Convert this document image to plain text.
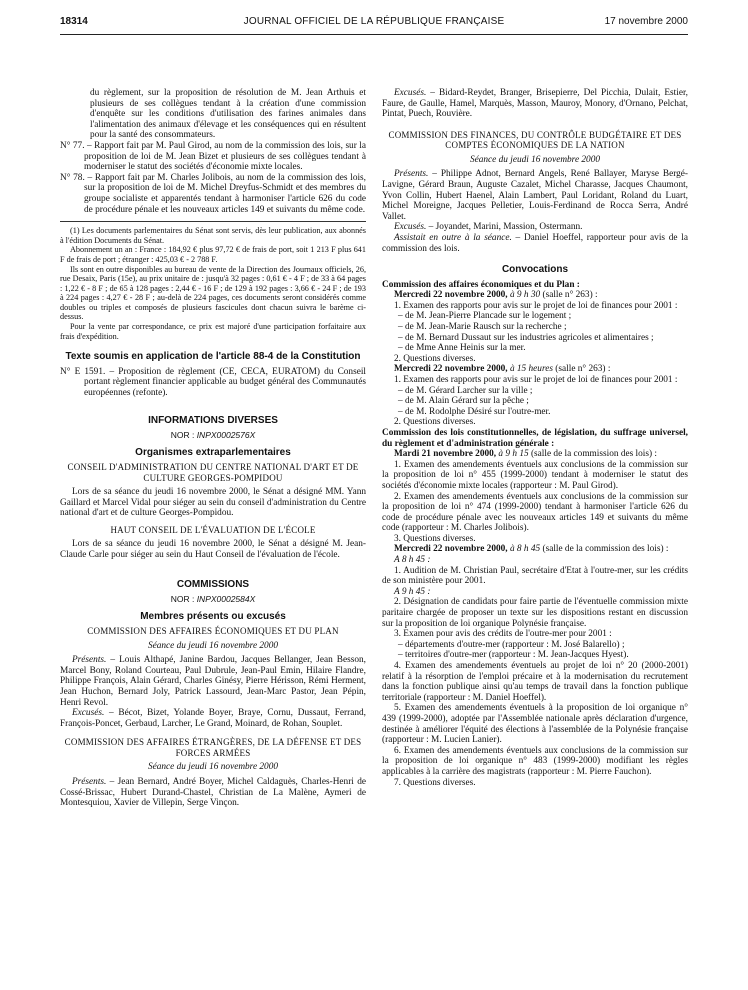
18314	JOURNAL OFFICIEL DE LA RÉPUBLIQUE FRANÇAISE	17 novembre 2000

du règlement, sur la proposition de résolution de M. Jean Arthuis et plusieurs de ses collègues tendant à la création d'une commission d'enquête sur les conditions d'utilisation des farines animales dans l'alimentation des animaux d'élevage et les conséquences qui en résultent pour la santé des consommateurs.

N° 77. – Rapport fait par M. Paul Girod, au nom de la commission des lois, sur la proposition de loi de M. Jean Bizet et plusieurs de ses collègues tendant à moderniser le statut des sociétés d'économie mixte locales.

N° 78. – Rapport fait par M. Charles Jolibois, au nom de la commission des lois, sur la proposition de loi de M. Michel Dreyfus-Schmidt et des membres du groupe socialiste et apparentés tendant à harmoniser l'article 626 du code de procédure pénale et les nouveaux articles 149 et suivants du même code.

(1) Les documents parlementaires du Sénat sont servis, dès leur publication, aux abonnés à l'édition Documents du Sénat.

Abonnement un an : France : 184,92 € plus 97,72 € de frais de port, soit 1 213 F plus 641 F de frais de port ; étranger : 425,03 € - 2 788 F.

Ils sont en outre disponibles au bureau de vente de la Direction des Journaux officiels, 26, rue Desaix, Paris (15e), au prix unitaire de : jusqu'à 32 pages : 0,61 € - 4 F ; de 33 à 64 pages : 1,22 € - 8 F ; de 65 à 128 pages : 2,44 € - 16 F ; de 129 à 192 pages : 3,66 € - 24 F ; de 193 à 224 pages : 4,27 € - 28 F ; au-delà de 224 pages, ces documents seront considérés comme doubles ou triples et composés de plusieurs fascicules dont chacun suivra le barème ci-dessus.

Pour la vente par correspondance, ce prix est majoré d'une participation forfaitaire aux frais d'expédition.

Texte soumis en application de l'article 88-4 de la Constitution

N° E 1591. – Proposition de règlement (CE, CECA, EURATOM) du Conseil portant règlement financier applicable au budget général des Communautés européennes (refonte).

INFORMATIONS DIVERSES
NOR : INPX0002576X
Organismes extraparlementaires
CONSEIL D'ADMINISTRATION DU CENTRE NATIONAL D'ART ET DE CULTURE GEORGES-POMPIDOU

Lors de sa séance du jeudi 16 novembre 2000, le Sénat a désigné MM. Yann Gaillard et Marcel Vidal pour siéger au sein du conseil d'administration du Centre national d'art et de culture Georges-Pompidou.

HAUT CONSEIL DE L'ÉVALUATION DE L'ÉCOLE

Lors de sa séance du jeudi 16 novembre 2000, le Sénat a désigné M. Jean-Claude Carle pour siéger au sein du Haut Conseil de l'évaluation de l'école.

COMMISSIONS
NOR : INPX0002584X
Membres présents ou excusés
COMMISSION DES AFFAIRES ÉCONOMIQUES ET DU PLAN
Séance du jeudi 16 novembre 2000

Présents. – Louis Althapé, Janine Bardou, Jacques Bellanger, Jean Besson, Marcel Bony, Roland Courteau, Paul Dubrule, Jean-Paul Emin, Hilaire Flandre, Philippe François, Alain Gérard, Charles Ginésy, Pierre Hérisson, Rémi Herment, Jean Huchon, Bernard Joly, Patrick Lassourd, Jean-Marc Pastor, Jean Pépin, Henri Revol.

Excusés. – Bécot, Bizet, Yolande Boyer, Braye, Cornu, Dussaut, Ferrand, François-Poncet, Gerbaud, Larcher, Le Grand, Moinard, de Rohan, Souplet.

COMMISSION DES AFFAIRES ÉTRANGÈRES, DE LA DÉFENSE ET DES FORCES ARMÉES
Séance du jeudi 16 novembre 2000

Présents. – Jean Bernard, André Boyer, Michel Caldaguès, Charles-Henri de Cossé-Brissac, Hubert Durand-Chastel, Christian de La Malène, Aymeri de Montesquiou, Xavier de Villepin, Serge Vinçon.

Excusés. – Bidard-Reydet, Branger, Brisepierre, Del Picchia, Dulait, Estier, Faure, de Gaulle, Hamel, Marquès, Masson, Mauroy, Monory, d'Ornano, Pelchat, Pintat, Puech, Rouvière.

COMMISSION DES FINANCES, DU CONTRÔLE BUDGÉTAIRE ET DES COMPTES ÉCONOMIQUES DE LA NATION
Séance du jeudi 16 novembre 2000

Présents. – Philippe Adnot, Bernard Angels, René Ballayer, Maryse Bergé-Lavigne, Gérard Braun, Auguste Cazalet, Michel Charasse, Jacques Chaumont, Yvon Collin, Hubert Haenel, Alain Lambert, Paul Loridant, Roland du Luart, Michel Moreigne, Jacques Pelletier, Louis-Ferdinand de Rocca Serra, André Vallet.

Excusés. – Joyandet, Marini, Massion, Ostermann.

Assistait en outre à la séance. – Daniel Hoeffel, rapporteur pour avis de la commission des lois.

Convocations

Commission des affaires économiques et du Plan :

Mercredi 22 novembre 2000, à 9 h 30 (salle n° 263) :

1. Examen des rapports pour avis sur le projet de loi de finances pour 2001 :

– de M. Jean-Pierre Plancade sur le logement ;

– de M. Jean-Marie Rausch sur la recherche ;

– de M. Bernard Dussaut sur les industries agricoles et alimentaires ;

– de Mme Anne Heinis sur la mer.

2. Questions diverses.

Mercredi 22 novembre 2000, à 15 heures (salle n° 263) :

1. Examen des rapports pour avis sur le projet de loi de finances pour 2001 :

– de M. Gérard Larcher sur la ville ;

– de M. Alain Gérard sur la pêche ;

– de M. Rodolphe Désiré sur l'outre-mer.

2. Questions diverses.

Commission des lois constitutionnelles, de législation, du suffrage universel, du règlement et d'administration générale :

Mardi 21 novembre 2000, à 9 h 15 (salle de la commission des lois) :

1. Examen des amendements éventuels aux conclusions de la commission sur la proposition de loi n° 455 (1999-2000) tendant à moderniser le statut des sociétés d'économie mixte locales (rapporteur : M. Paul Girod).

2. Examen des amendements éventuels aux conclusions de la commission sur la proposition de loi n° 474 (1999-2000) tendant à harmoniser l'article 626 du code de procédure pénale avec les nouveaux articles 149 et suivants du même code (rapporteur : M. Charles Jolibois).

3. Questions diverses.

Mercredi 22 novembre 2000, à 8 h 45 (salle de la commission des lois) :

A 8 h 45 :

1. Audition de M. Christian Paul, secrétaire d'Etat à l'outre-mer, sur les crédits de son ministère pour 2001.

A 9 h 45 :

2. Désignation de candidats pour faire partie de l'éventuelle commission mixte paritaire chargée de proposer un texte sur les dispositions restant en discussion sur la proposition de loi organique Polynésie française.

3. Examen pour avis des crédits de l'outre-mer pour 2001 :

– départements d'outre-mer (rapporteur : M. José Balarello) ;

– territoires d'outre-mer (rapporteur : M. Jean-Jacques Hyest).

4. Examen des amendements éventuels au projet de loi n° 20 (2000-2001) relatif à la résorption de l'emploi précaire et à la modernisation du recrutement dans la fonction publique ainsi qu'au temps de travail dans la fonction publique territoriale (rapporteur : M. Daniel Hoeffel).

5. Examen des amendements éventuels à la proposition de loi organique n° 439 (1999-2000), adoptée par l'Assemblée nationale après déclaration d'urgence, destinée à améliorer l'équité des élections à l'assemblée de la Polynésie française (rapporteur : M. Lucien Lanier).

6. Examen des amendements éventuels aux conclusions de la commission sur la proposition de loi organique n° 483 (1999-2000) modifiant les règles applicables à la carrière des magistrats (rapporteur : M. Pierre Fauchon).

7. Questions diverses.
